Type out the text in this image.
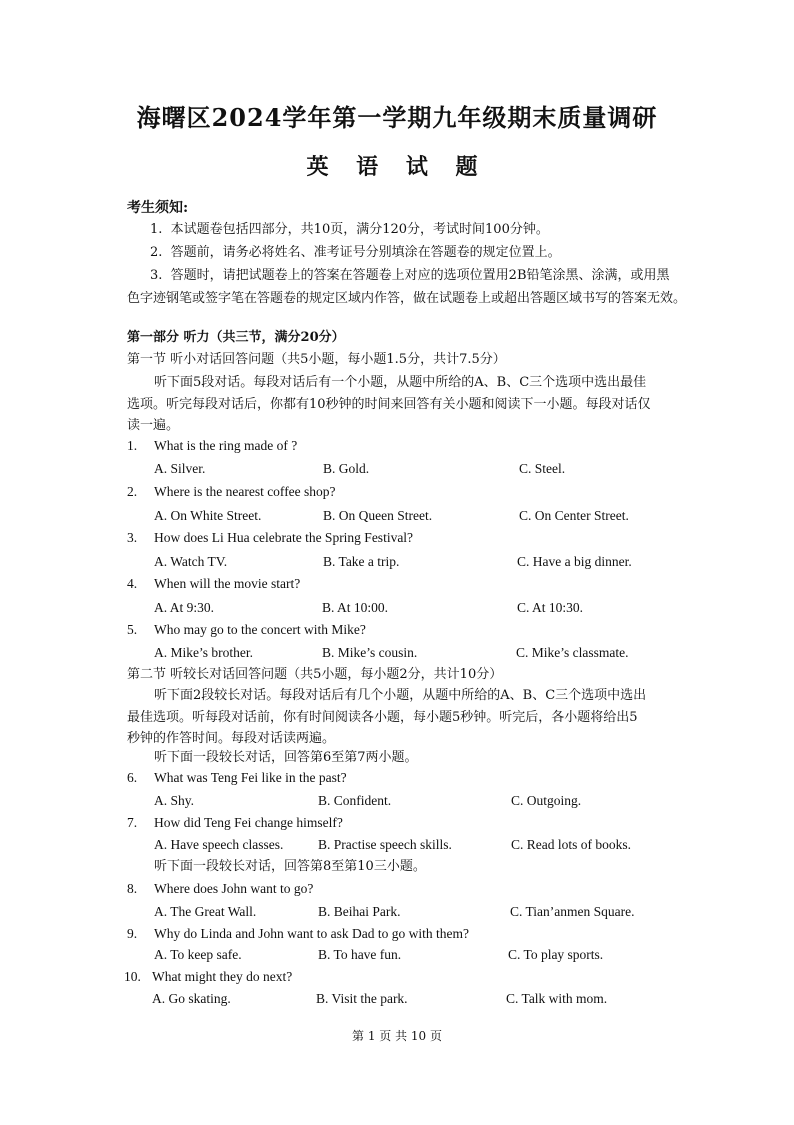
海曙区2024学年第一学期九年级期末质量调研
英 语 试 题
考生须知:
1.  本试题卷包括四部分，共10页，满分120分，考试时间100分钟。
2.  答题前，请务必将姓名、准考证号分别填涂在答题卷的规定位置上。
3.  答题时，请把试题卷上的答案在答题卷上对应的选项位置用2B铅笔涂黑、涂满，或用黑
色字迹钢笔或签字笔在答题卷的规定区域内作答，做在试题卷上或超出答题区域书写的答案无效。
第一部分 听力（共三节，满分20分）
第一节 听小对话回答问题（共5小题，每小题1.5分，共计7.5分）
听下面5段对话。每段对话后有一个小题，从题中所给的A、B、C三个选项中选出最佳
选项。听完每段对话后，你都有10秒钟的时间来回答有关小题和阅读下一小题。每段对话仅
读一遍。
1. What is the ring made of ?
A. Silver.	B. Gold.	C. Steel.
2. Where is the nearest coffee shop?
A. On White Street.	B. On Queen Street.	C. On Center Street.
3. How does Li Hua celebrate the Spring Festival?
A. Watch TV.	B. Take a trip.	C. Have a big dinner.
4. When will the movie start?
A. At 9:30.	B. At 10:00.	C. At 10:30.
5. Who may go to the concert with Mike?
A. Mike’s brother.	B. Mike’s cousin.	C. Mike’s classmate.
第二节 听较长对话回答问题（共5小题，每小题2分，共计10分）
听下面2段较长对话。每段对话后有几个小题，从题中所给的A、B、C三个选项中选出
最佳选项。听每段对话前，你有时间阅读各小题，每小题5秒钟。听完后，各小题将给出5
秒钟的作答时间。每段对话读两遍。
听下面一段较长对话，回答第6至第7两小题。
6. What was Teng Fei like in the past?
A. Shy.	B. Confident.	C. Outgoing.
7. How did Teng Fei change himself?
A. Have speech classes.	B. Practise speech skills.	C. Read lots of books.
听下面一段较长对话，回答第8至第10三小题。
8. Where does John want to go?
A. The Great Wall.	B. Beihai Park.	C. Tian’anmen Square.
9. Why do Linda and John want to ask Dad to go with them?
A. To keep safe.	B. To have fun.	C. To play sports.
10. What might they do next?
A. Go skating.	B. Visit the park.	C. Talk with mom.
第 1 页 共 10 页
